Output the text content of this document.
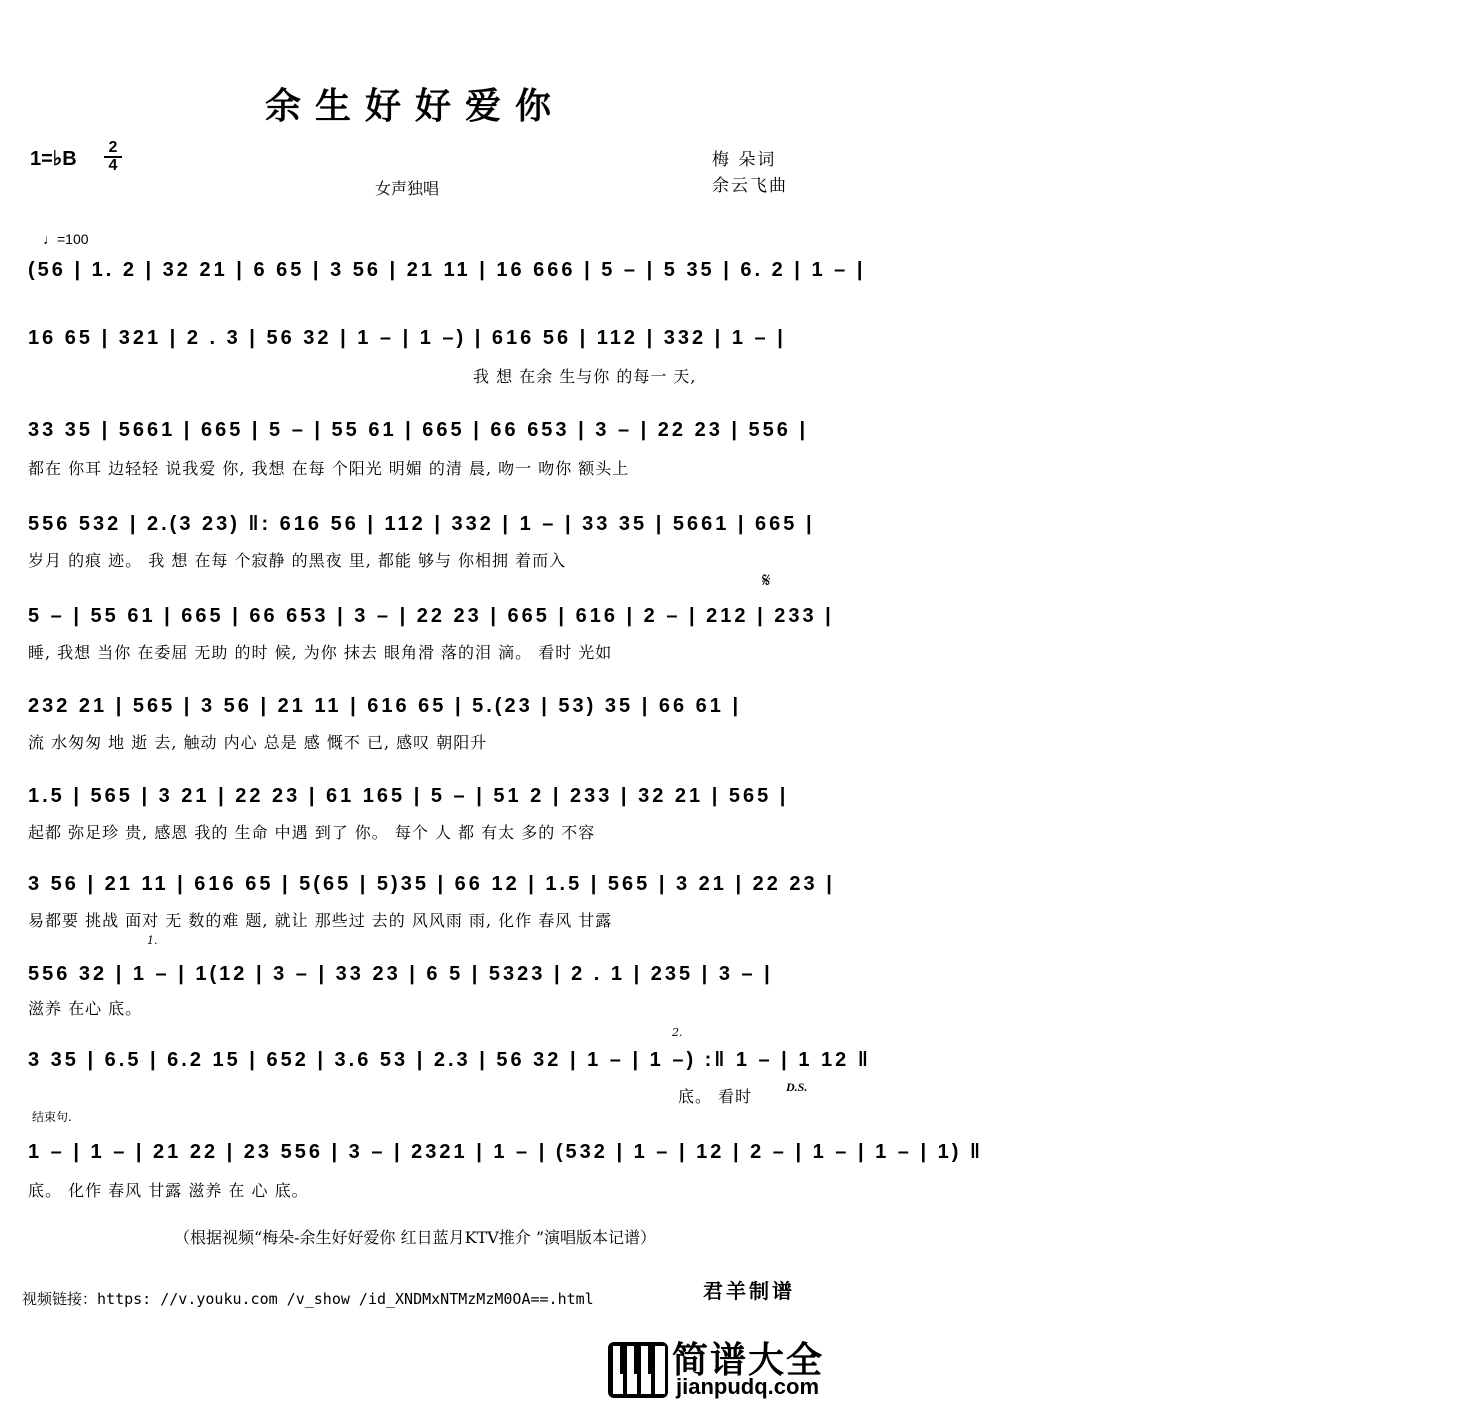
余生好好爱你
1=♭B
2
4
女声独唱
梅 朵词
余云飞曲
♩=100
𝄋
D.S.
1.
2.
结束句.
(56 | 1. 2 | 32 21 | 6 65 | 3 56 | 21 11 | 16 666 | 5 – | 5 35 | 6. 2 | 1 – |
16 65 | 321 | 2 . 3 | 56 32 | 1 – | 1 –) | 616 56 | 112 | 332 | 1 – |
我 想 在余 生与你 的每一 天,
33 35 | 5661 | 665 | 5 – | 55 61 | 665 | 66 653 | 3 – | 22 23 | 556 |
都在 你耳 边轻轻 说我爱 你, 我想 在每 个阳光 明媚 的清 晨, 吻一 吻你 额头上
556 532 | 2.(3 23) ‖: 616 56 | 112 | 332 | 1 – | 33 35 | 5661 | 665 |
岁月 的痕 迹。 我 想 在每 个寂静 的黑夜 里, 都能 够与 你相拥 着而入
5 – | 55 61 | 665 | 66 653 | 3 – | 22 23 | 665 | 616 | 2 – | 212 | 233 |
睡, 我想 当你 在委屈 无助 的时 候, 为你 抹去 眼角滑 落的泪 滴。 看时 光如
232 21 | 565 | 3 56 | 21 11 | 616 65 | 5.(23 | 53) 35 | 66 61 |
流 水匆匆 地 逝 去, 触动 内心 总是 感 慨不 已, 感叹 朝阳升
1.5 | 565 | 3 21 | 22 23 | 61 165 | 5 – | 51 2 | 233 | 32 21 | 565 |
起都 弥足珍 贵, 感恩 我的 生命 中遇 到了 你。 每个 人 都 有太 多的 不容
3 56 | 21 11 | 616 65 | 5(65 | 5)35 | 66 12 | 1.5 | 565 | 3 21 | 22 23 |
易都要 挑战 面对 无 数的难 题, 就让 那些过 去的 风风雨 雨, 化作 春风 甘露
556 32 | 1 – | 1(12 | 3 – | 33 23 | 6 5 | 5323 | 2 . 1 | 235 | 3 – |
滋养 在心 底。
3 35 | 6.5 | 6.2 15 | 652 | 3.6 53 | 2.3 | 56 32 | 1 – | 1 –) :‖ 1 – | 1 12 ‖
底。 看时
1 – | 1 – | 21 22 | 23 556 | 3 – | 2321 | 1 – | (532 | 1 – | 12 | 2 – | 1 – | 1 – | 1) ‖
底。 化作 春风 甘露 滋养 在 心 底。
（根据视频“梅朵-余生好好爱你 红日蓝月KTV推介 ”演唱版本记谱）
视频链接：https: //v.youku.com /v_show /id_XNDMxNTMzMzM0OA==.html	君羊制谱
简谱大全
jianpudq.com
